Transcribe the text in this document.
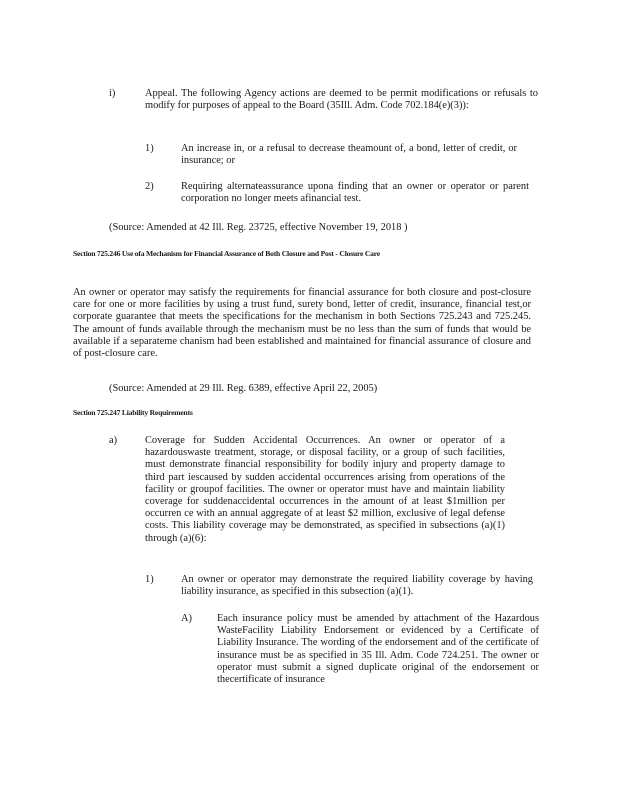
i)	Appeal. The following Agency actions are deemed to be permit modifications or refusals to modify for purposes of appeal to the Board (35Ill. Adm. Code 702.184(e)(3)):
1)	An increase in, or a refusal to decrease theamount of, a bond, letter of credit, or insurance; or
2)	Requiring alternateassurance upona finding that an owner or operator or parent corporation no longer meets afinancial test.
(Source: Amended at 42 Ill. Reg. 23725, effective November 19, 2018 )
Section 725.246 Use ofa Mechanism for Financial Assurance of Both Closure and Post - Closure Care
An owner or operator may satisfy the requirements for financial assurance for both closure and post-closure care for one or more facilities by using a trust fund, surety bond, letter of credit, insurance, financial test,or corporate guarantee that meets the specifications for the mechanism in both Sections 725.243 and 725.245. The amount of funds available through the mechanism must be no less than the sum of funds that would be available if a separateme chanism had been established and maintained for financial assurance of closure and of post-closure care.
(Source: Amended at 29 Ill. Reg. 6389, effective April 22, 2005)
Section 725.247 Liability Requirements
a)	Coverage for Sudden Accidental Occurrences. An owner or operator of a hazardouswaste treatment, storage, or disposal facility, or a group of such facilities, must demonstrate financial responsibility for bodily injury and property damage to third part iescaused by sudden accidental occurrences arising from operations of the facility or groupof facilities. The owner or operator must have and maintain liability coverage for suddenaccidental occurrences in the amount of at least $1million per occurren ce with an annual aggregate of at least $2 million, exclusive of legal defense costs. This liability coverage may be demonstrated, as specified in subsections (a)(1) through (a)(6):
1)	An owner or operator may demonstrate the required liability coverage by having liability insurance, as specified in this subsection (a)(1).
A) Each insurance policy must be amended by attachment of the Hazardous WasteFacility Liability Endorsement or evidenced by a Certificate of Liability Insurance. The wording of the endorsement and of the certificate of insurance must be as specified in 35 Ill. Adm. Code 724.251. The owner or operator must submit a signed duplicate original of the endorsement or thecertificate of insurance
